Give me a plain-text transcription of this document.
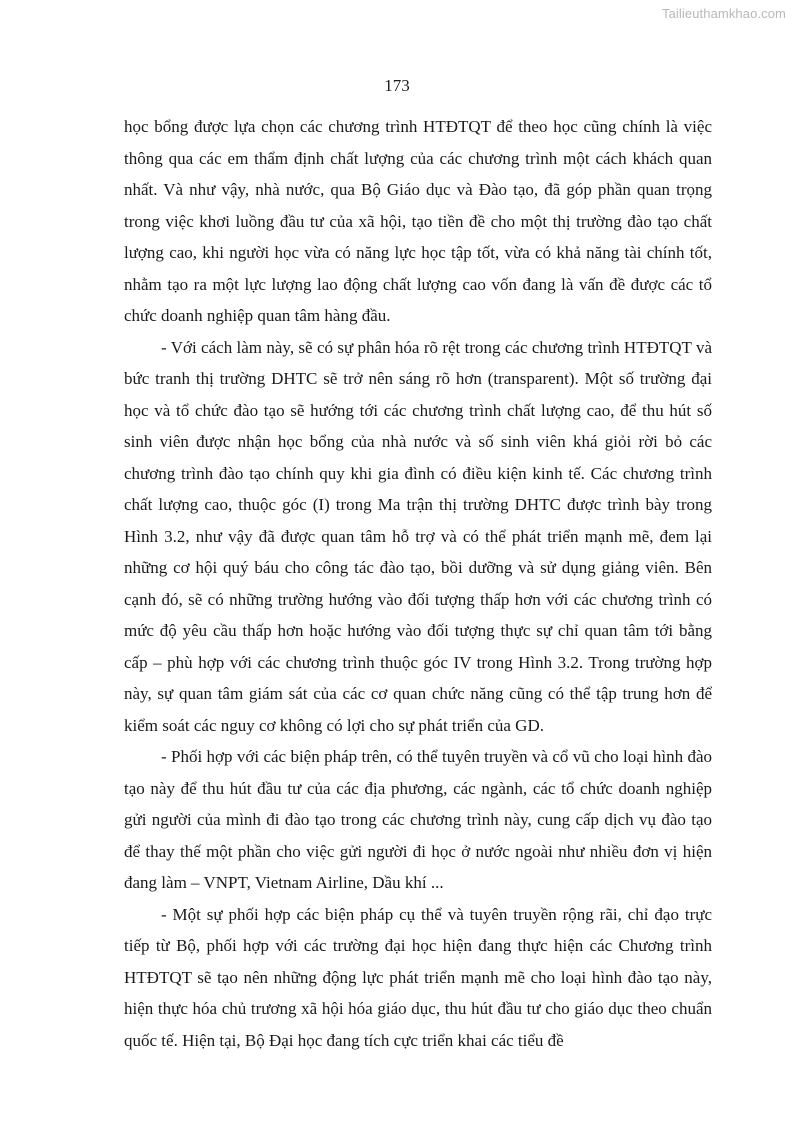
Tailieuthamkhao.com
173

học bổng được lựa chọn các chương trình HTĐTQT để theo học cũng chính là việc thông qua các em thẩm định chất lượng của các chương trình một cách khách quan nhất. Và như vậy, nhà nước, qua Bộ Giáo dục và Đào tạo, đã góp phần quan trọng trong việc khơi luồng đầu tư của xã hội, tạo tiền đề cho một thị trường đào tạo chất lượng cao, khi người học vừa có năng lực học tập tốt, vừa có khả năng tài chính tốt, nhằm tạo ra một lực lượng lao động chất lượng cao vốn đang là vấn đề được các tổ chức doanh nghiệp quan tâm hàng đầu.

- Với cách làm này, sẽ có sự phân hóa rõ rệt trong các chương trình HTĐTQT và bức tranh thị trường DHTC sẽ trở nên sáng rõ hơn (transparent). Một số trường đại học và tổ chức đào tạo sẽ hướng tới các chương trình chất lượng cao, để thu hút số sinh viên được nhận học bổng của nhà nước và số sinh viên khá giỏi rời bỏ các chương trình đào tạo chính quy khi gia đình có điều kiện kinh tế. Các chương trình chất lượng cao, thuộc góc (I) trong Ma trận thị trường DHTC được trình bày trong Hình 3.2, như vậy đã được quan tâm hỗ trợ và có thể phát triển mạnh mẽ, đem lại những cơ hội quý báu cho công tác đào tạo, bồi dưỡng và sử dụng giảng viên. Bên cạnh đó, sẽ có những trường hướng vào đối tượng thấp hơn với các chương trình có mức độ yêu cầu thấp hơn hoặc hướng vào đối tượng thực sự chỉ quan tâm tới bằng cấp – phù hợp với các chương trình thuộc góc IV trong Hình 3.2. Trong trường hợp này, sự quan tâm giám sát của các cơ quan chức năng cũng có thể tập trung hơn để kiểm soát các nguy cơ không có lợi cho sự phát triển của GD.

- Phối hợp với các biện pháp trên, có thể tuyên truyền và cổ vũ cho loại hình đào tạo này để thu hút đầu tư của các địa phương, các ngành, các tổ chức doanh nghiệp gửi người của mình đi đào tạo trong các chương trình này, cung cấp dịch vụ đào tạo để thay thế một phần cho việc gửi người đi học ở nước ngoài như nhiều đơn vị hiện đang làm – VNPT, Vietnam Airline, Dầu khí ...

- Một sự phối hợp các biện pháp cụ thể và tuyên truyền rộng rãi, chỉ đạo trực tiếp từ Bộ, phối hợp với các trường đại học hiện đang thực hiện các Chương trình HTĐTQT sẽ tạo nên những động lực phát triển mạnh mẽ cho loại hình đào tạo này, hiện thực hóa chủ trương xã hội hóa giáo dục, thu hút đầu tư cho giáo dục theo chuẩn quốc tế. Hiện tại, Bộ Đại học đang tích cực triển khai các tiểu đề
